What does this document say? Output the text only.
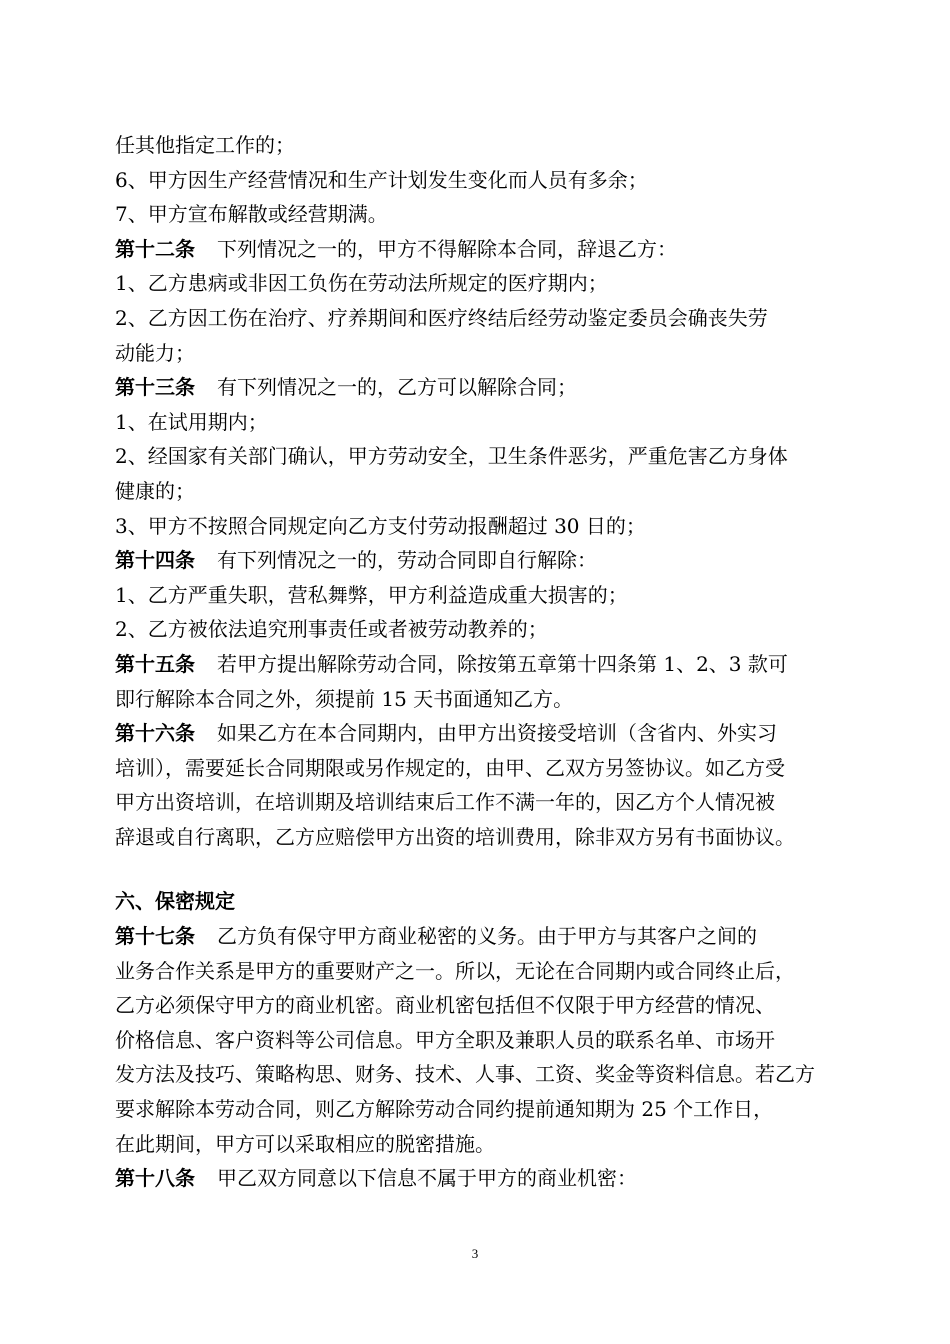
任其他指定工作的；
6、甲方因生产经营情况和生产计划发生变化而人员有多余；
7、甲方宣布解散或经营期满。
第十二条 下列情况之一的，甲方不得解除本合同，辞退乙方：
1、乙方患病或非因工负伤在劳动法所规定的医疗期内；
2、乙方因工伤在治疗、疗养期间和医疗终结后经劳动鉴定委员会确丧失劳
动能力；
第十三条 有下列情况之一的，乙方可以解除合同；
1、在试用期内；
2、经国家有关部门确认，甲方劳动安全，卫生条件恶劣，严重危害乙方身体
健康的；
3、甲方不按照合同规定向乙方支付劳动报酬超过 30 日的；
第十四条 有下列情况之一的，劳动合同即自行解除：
1、乙方严重失职，营私舞弊，甲方利益造成重大损害的；
2、乙方被依法追究刑事责任或者被劳动教养的；
第十五条 若甲方提出解除劳动合同，除按第五章第十四条第 1、2、3 款可
即行解除本合同之外，须提前 15 天书面通知乙方。
第十六条 如果乙方在本合同期内，由甲方出资接受培训（含省内、外实习
培训），需要延长合同期限或另作规定的，由甲、乙双方另签协议。如乙方受
甲方出资培训，在培训期及培训结束后工作不满一年的，因乙方个人情况被
辞退或自行离职，乙方应赔偿甲方出资的培训费用，除非双方另有书面协议。
六、保密规定
第十七条 乙方负有保守甲方商业秘密的义务。由于甲方与其客户之间的
业务合作关系是甲方的重要财产之一。所以，无论在合同期内或合同终止后，
乙方必须保守甲方的商业机密。商业机密包括但不仅限于甲方经营的情况、
价格信息、客户资料等公司信息。甲方全职及兼职人员的联系名单、市场开
发方法及技巧、策略构思、财务、技术、人事、工资、奖金等资料信息。若乙方
要求解除本劳动合同，则乙方解除劳动合同约提前通知期为 25 个工作日，
在此期间，甲方可以采取相应的脱密措施。
第十八条 甲乙双方同意以下信息不属于甲方的商业机密：
3
